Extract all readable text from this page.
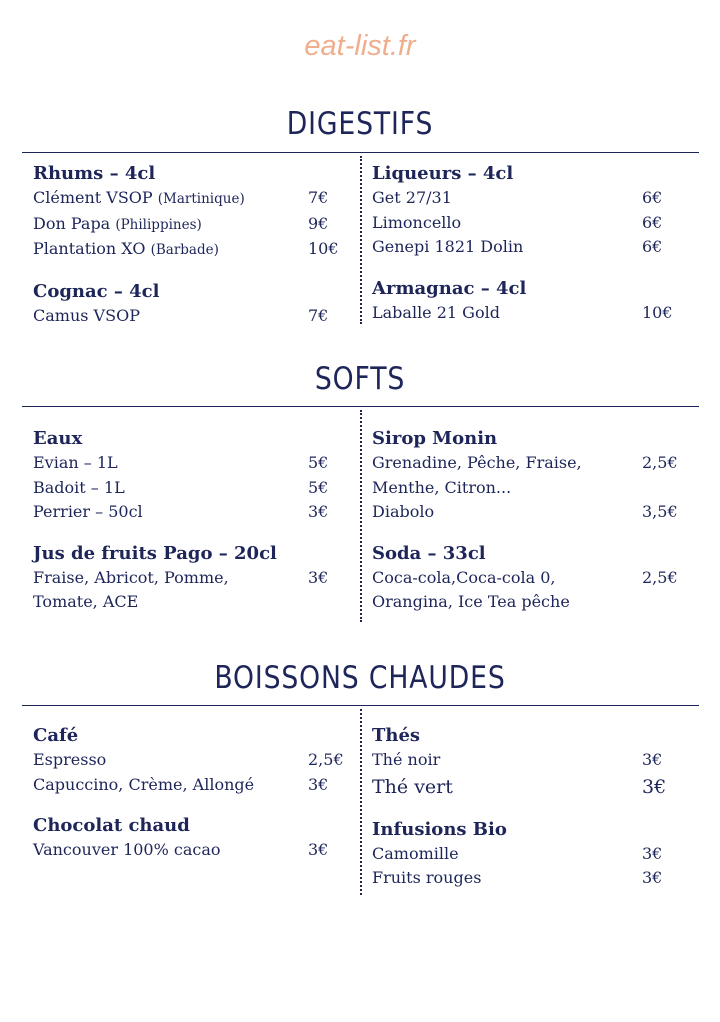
eat-list.fr
DIGESTIFS
Rhums – 4cl
Clément VSOP (Martinique)	7€
Don Papa (Philippines)	9€
Plantation XO (Barbade)	10€
Cognac – 4cl
Camus VSOP	7€
Liqueurs – 4cl
Get 27/31	6€
Limoncello	6€
Genepi 1821 Dolin	6€
Armagnac – 4cl
Laballe 21 Gold	10€
SOFTS
Eaux
Evian – 1L	5€
Badoit – 1L	5€
Perrier – 50cl	3€
Jus de fruits Pago – 20cl
Fraise, Abricot, Pomme,	3€
Tomate, ACE
Sirop Monin
Grenadine, Pêche, Fraise,	2,5€
Menthe, Citron...
Diabolo	3,5€
Soda – 33cl
Coca-cola,Coca-cola 0,	2,5€
Orangina, Ice Tea pêche
BOISSONS CHAUDES
Café
Espresso	2,5€
Capuccino, Crème, Allongé	3€
Chocolat chaud
Vancouver 100% cacao	3€
Thés
Thé noir	3€
Thé vert	3€
Infusions Bio
Camomille	3€
Fruits rouges	3€
